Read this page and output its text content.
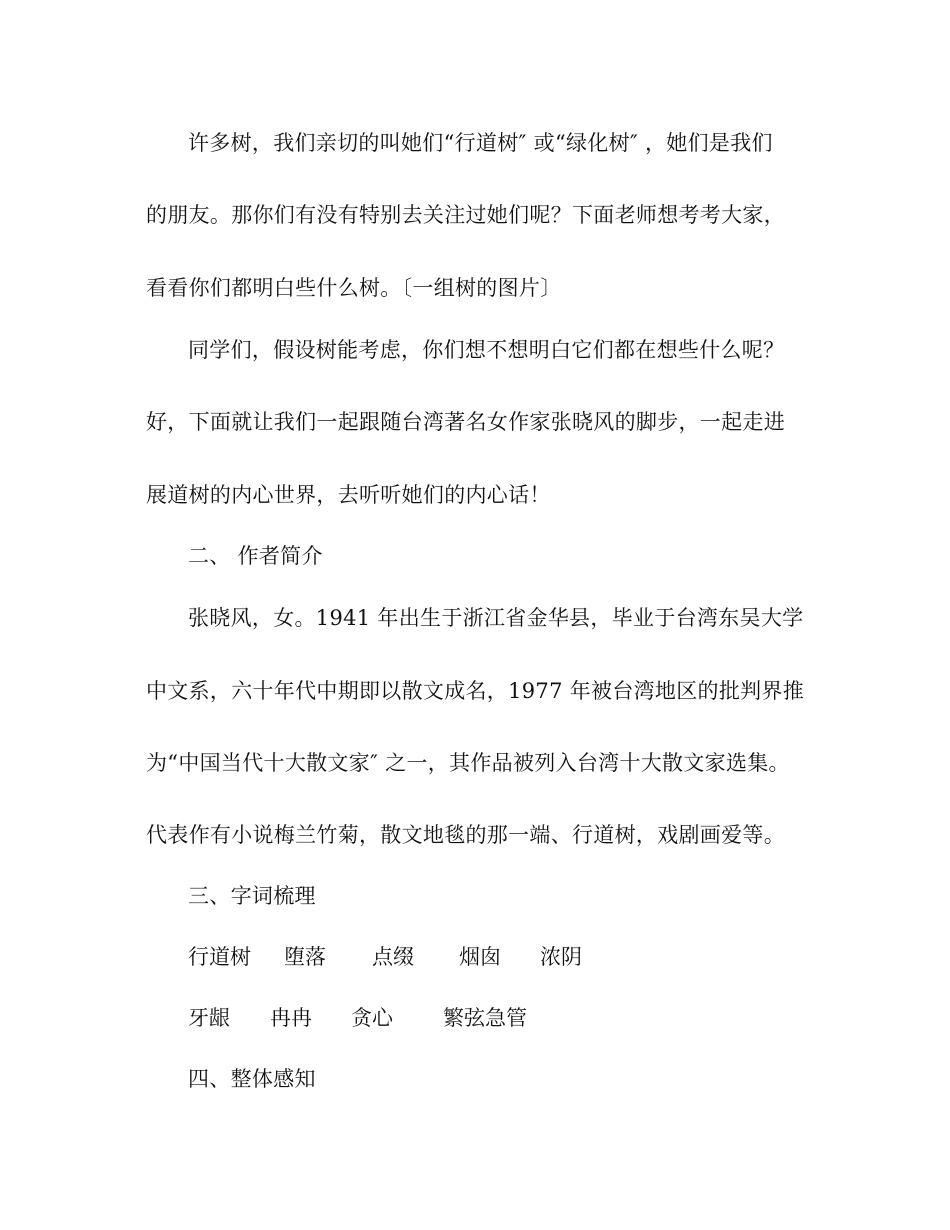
许多树，我们亲切的叫她们“行道树″ 或“绿化树″ ，她们是我们
的朋友。那你们有没有特别去关注过她们呢？下面老师想考考大家，
看看你们都明白些什么树。〔一组树的图片〕
同学们，假设树能考虑，你们想不想明白它们都在想些什么呢？
好，下面就让我们一起跟随台湾著名女作家张晓风的脚步，一起走进
展道树的内心世界，去听听她们的内心话！
二、 作者简介
张晓风，女。1941 年出生于浙江省金华县，毕业于台湾东吴大学
中文系，六十年代中期即以散文成名，1977 年被台湾地区的批判界推
为“中国当代十大散文家″ 之一，其作品被列入台湾十大散文家选集。
代表作有小说梅兰竹菊，散文地毯的那一端、行道树，戏剧画爱等。
三、字词梳理
行道树 堕落 点缀 烟囱 浓阴
牙龈 冉冉 贪心 繁弦急管
四、整体感知
